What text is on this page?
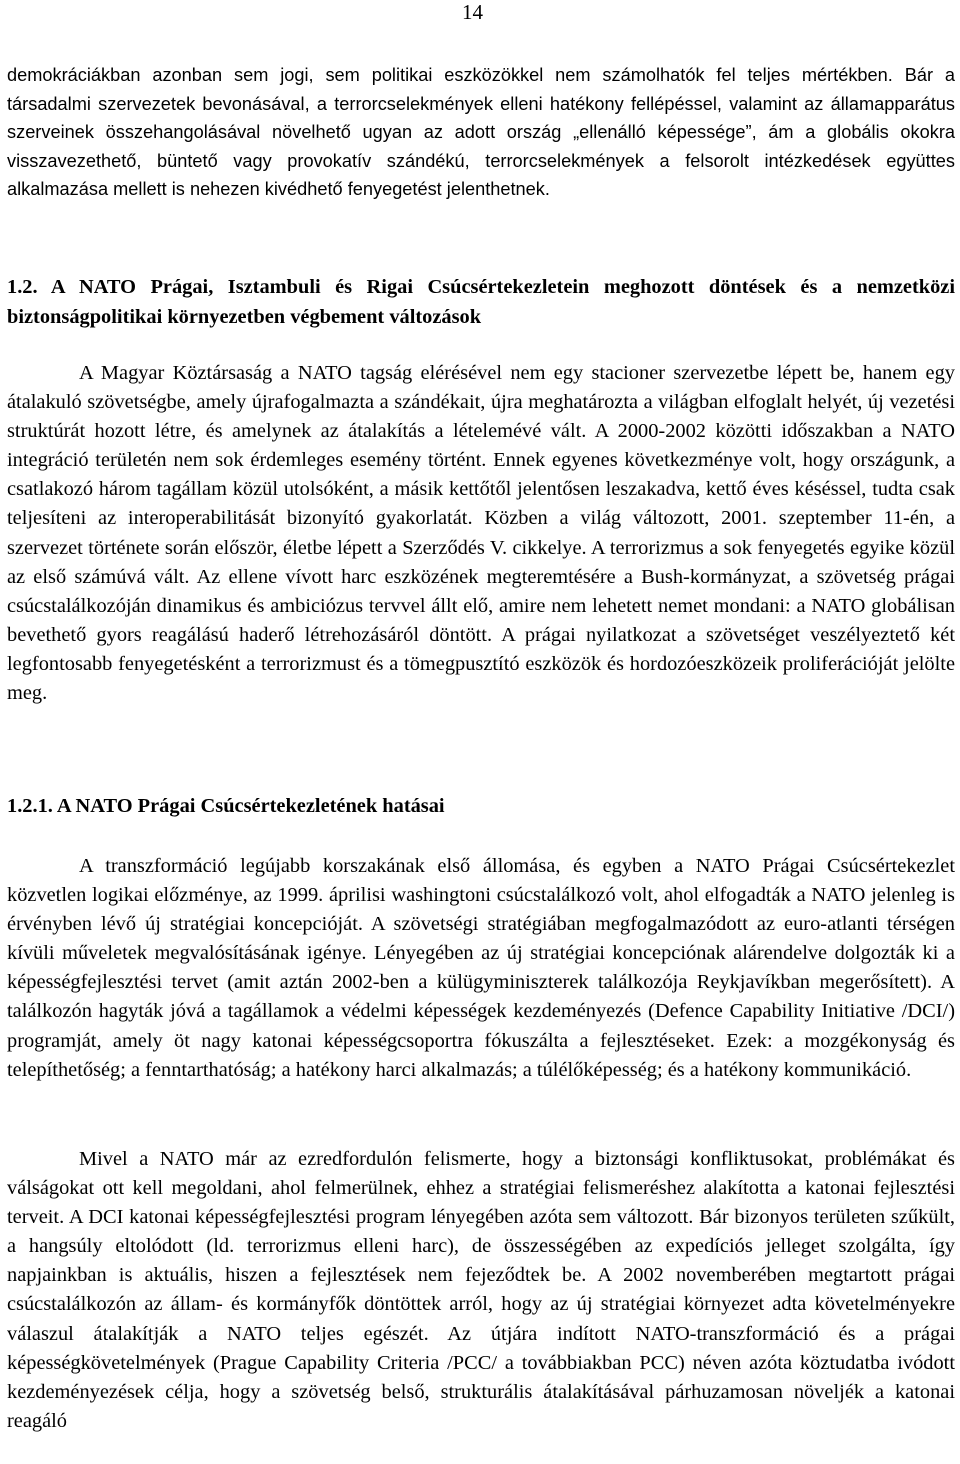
14

demokráciákban azonban sem jogi, sem politikai eszközökkel nem számolhatók fel teljes mértékben. Bár a társadalmi szervezetek bevonásával, a terrorcselekmények elleni hatékony fellépéssel, valamint az államapparátus szerveinek összehangolásával növelhető ugyan az adott ország „ellenálló képessége”, ám a globális okokra visszavezethető, büntető vagy provokatív szándékú, terrorcselekmények a felsorolt intézkedések együttes alkalmazása mellett is nehezen kivédhető fenyegetést jelenthetnek.

1.2. A NATO Prágai, Isztambuli és Rigai Csúcsértekezletein meghozott döntések és a nemzetközi biztonságpolitikai környezetben végbement változások

A Magyar Köztársaság a NATO tagság elérésével nem egy stacioner szervezetbe lépett be, hanem egy átalakuló szövetségbe, amely újrafogalmazta a szándékait, újra meghatározta a világban elfoglalt helyét, új vezetési struktúrát hozott létre, és amelynek az átalakítás a lételemévé vált. A 2000-2002 közötti időszakban a NATO integráció területén nem sok érdemleges esemény történt. Ennek egyenes következménye volt, hogy országunk, a csatlakozó három tagállam közül utolsóként, a másik kettőtől jelentősen leszakadva, kettő éves késéssel, tudta csak teljesíteni az interoperabilitását bizonyító gyakorlatát. Közben a világ változott, 2001. szeptember 11-én, a szervezet története során először, életbe lépett a Szerződés V. cikkelye. A terrorizmus a sok fenyegetés egyike közül az első számúvá vált. Az ellene vívott harc eszközének megteremtésére a Bush-kormányzat, a szövetség prágai csúcstalálkozóján dinamikus és ambiciózus tervvel állt elő, amire nem lehetett nemet mondani: a NATO globálisan bevethető gyors reagálású haderő létrehozásáról döntött. A prágai nyilatkozat a szövetséget veszélyeztető két legfontosabb fenyegetésként a terrorizmust és a tömegpusztító eszközök és hordozóeszközeik proliferációját jelölte meg.

1.2.1. A NATO Prágai Csúcsértekezletének hatásai

A transzformáció legújabb korszakának első állomása, és egyben a NATO Prágai Csúcsértekezlet közvetlen logikai előzménye, az 1999. áprilisi washingtoni csúcstalálkozó volt, ahol elfogadták a NATO jelenleg is érvényben lévő új stratégiai koncepcióját. A szövetségi stratégiában megfogalmazódott az euro-atlanti térségen kívüli műveletek megvalósításának igénye. Lényegében az új stratégiai koncepciónak alárendelve dolgozták ki a képességfejlesztési tervet (amit aztán 2002-ben a külügyminiszterek találkozója Reykjavíkban megerősített). A találkozón hagyták jóvá a tagállamok a védelmi képességek kezdeményezés (Defence Capability Initiative /DCI/) programját, amely öt nagy katonai képességcsoportra fókuszálta a fejlesztéseket. Ezek: a mozgékonyság és telepíthetőség; a fenntarthatóság; a hatékony harci alkalmazás; a túlélőképesség; és a hatékony kommunikáció.

Mivel a NATO már az ezredfordulón felismerte, hogy a biztonsági konfliktusokat, problémákat és válságokat ott kell megoldani, ahol felmerülnek, ehhez a stratégiai felismeréshez alakította a katonai fejlesztési terveit. A DCI katonai képességfejlesztési program lényegében azóta sem változott. Bár bizonyos területen szűkült, a hangsúly eltolódott (ld. terrorizmus elleni harc), de összességében az expedíciós jelleget szolgálta, így napjainkban is aktuális, hiszen a fejlesztések nem fejeződtek be. A 2002 novemberében megtartott prágai csúcstalálkozón az állam- és kormányfők döntöttek arról, hogy az új stratégiai környezet adta követelményekre válaszul átalakítják a NATO teljes egészét. Az útjára indított NATO-transzformáció és a prágai képességkövetelmények (Prague Capability Criteria /PCC/ a továbbiakban PCC) néven azóta köztudatba ivódott kezdeményezések célja, hogy a szövetség belső, strukturális átalakításával párhuzamosan növeljék a katonai reagáló
